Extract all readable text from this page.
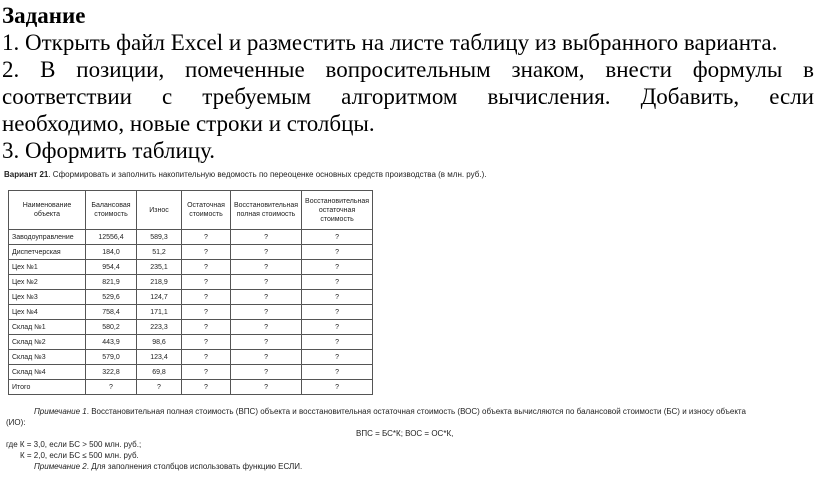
Задание
1. Открыть файл Excel и разместить на листе таблицу из выбранного варианта.
2. В позиции, помеченные вопросительным знаком, внести формулы в
соответствии с требуемым алгоритмом вычисления. Добавить, если
необходимо, новые строки и столбцы.
3. Оформить таблицу.
Вариант 21. Сформировать и заполнить накопительную ведомость по переоценке основных средств производства (в млн. руб.).
Наименование объекта	Балансовая стоимость	Износ	Остаточная стоимость	Восстановительная полная стоимость	Восстановительная остаточная стоимость
Заводоуправление	12556,4	589,3	?	?	?
Диспетчерская	184,0	51,2	?	?	?
Цех №1	954,4	235,1	?	?	?
Цех №2	821,9	218,9	?	?	?
Цех №3	529,6	124,7	?	?	?
Цех №4	758,4	171,1	?	?	?
Склад №1	580,2	223,3	?	?	?
Склад №2	443,9	98,6	?	?	?
Склад №3	579,0	123,4	?	?	?
Склад №4	322,8	69,8	?	?	?
Итого	?	?	?	?	?
Примечание 1. Восстановительная полная стоимость (ВПС) объекта и восстановительная остаточная стоимость (ВОС) объекта вычисляются по балансовой стоимости (БС) и износу объекта
(ИО):
ВПС = БС*К; ВОС = ОС*К,
где К = 3,0, если БС > 500 млн. руб.;
К = 2,0, если БС ≤ 500 млн. руб.
Примечание 2. Для заполнения столбцов использовать функцию ЕСЛИ.
